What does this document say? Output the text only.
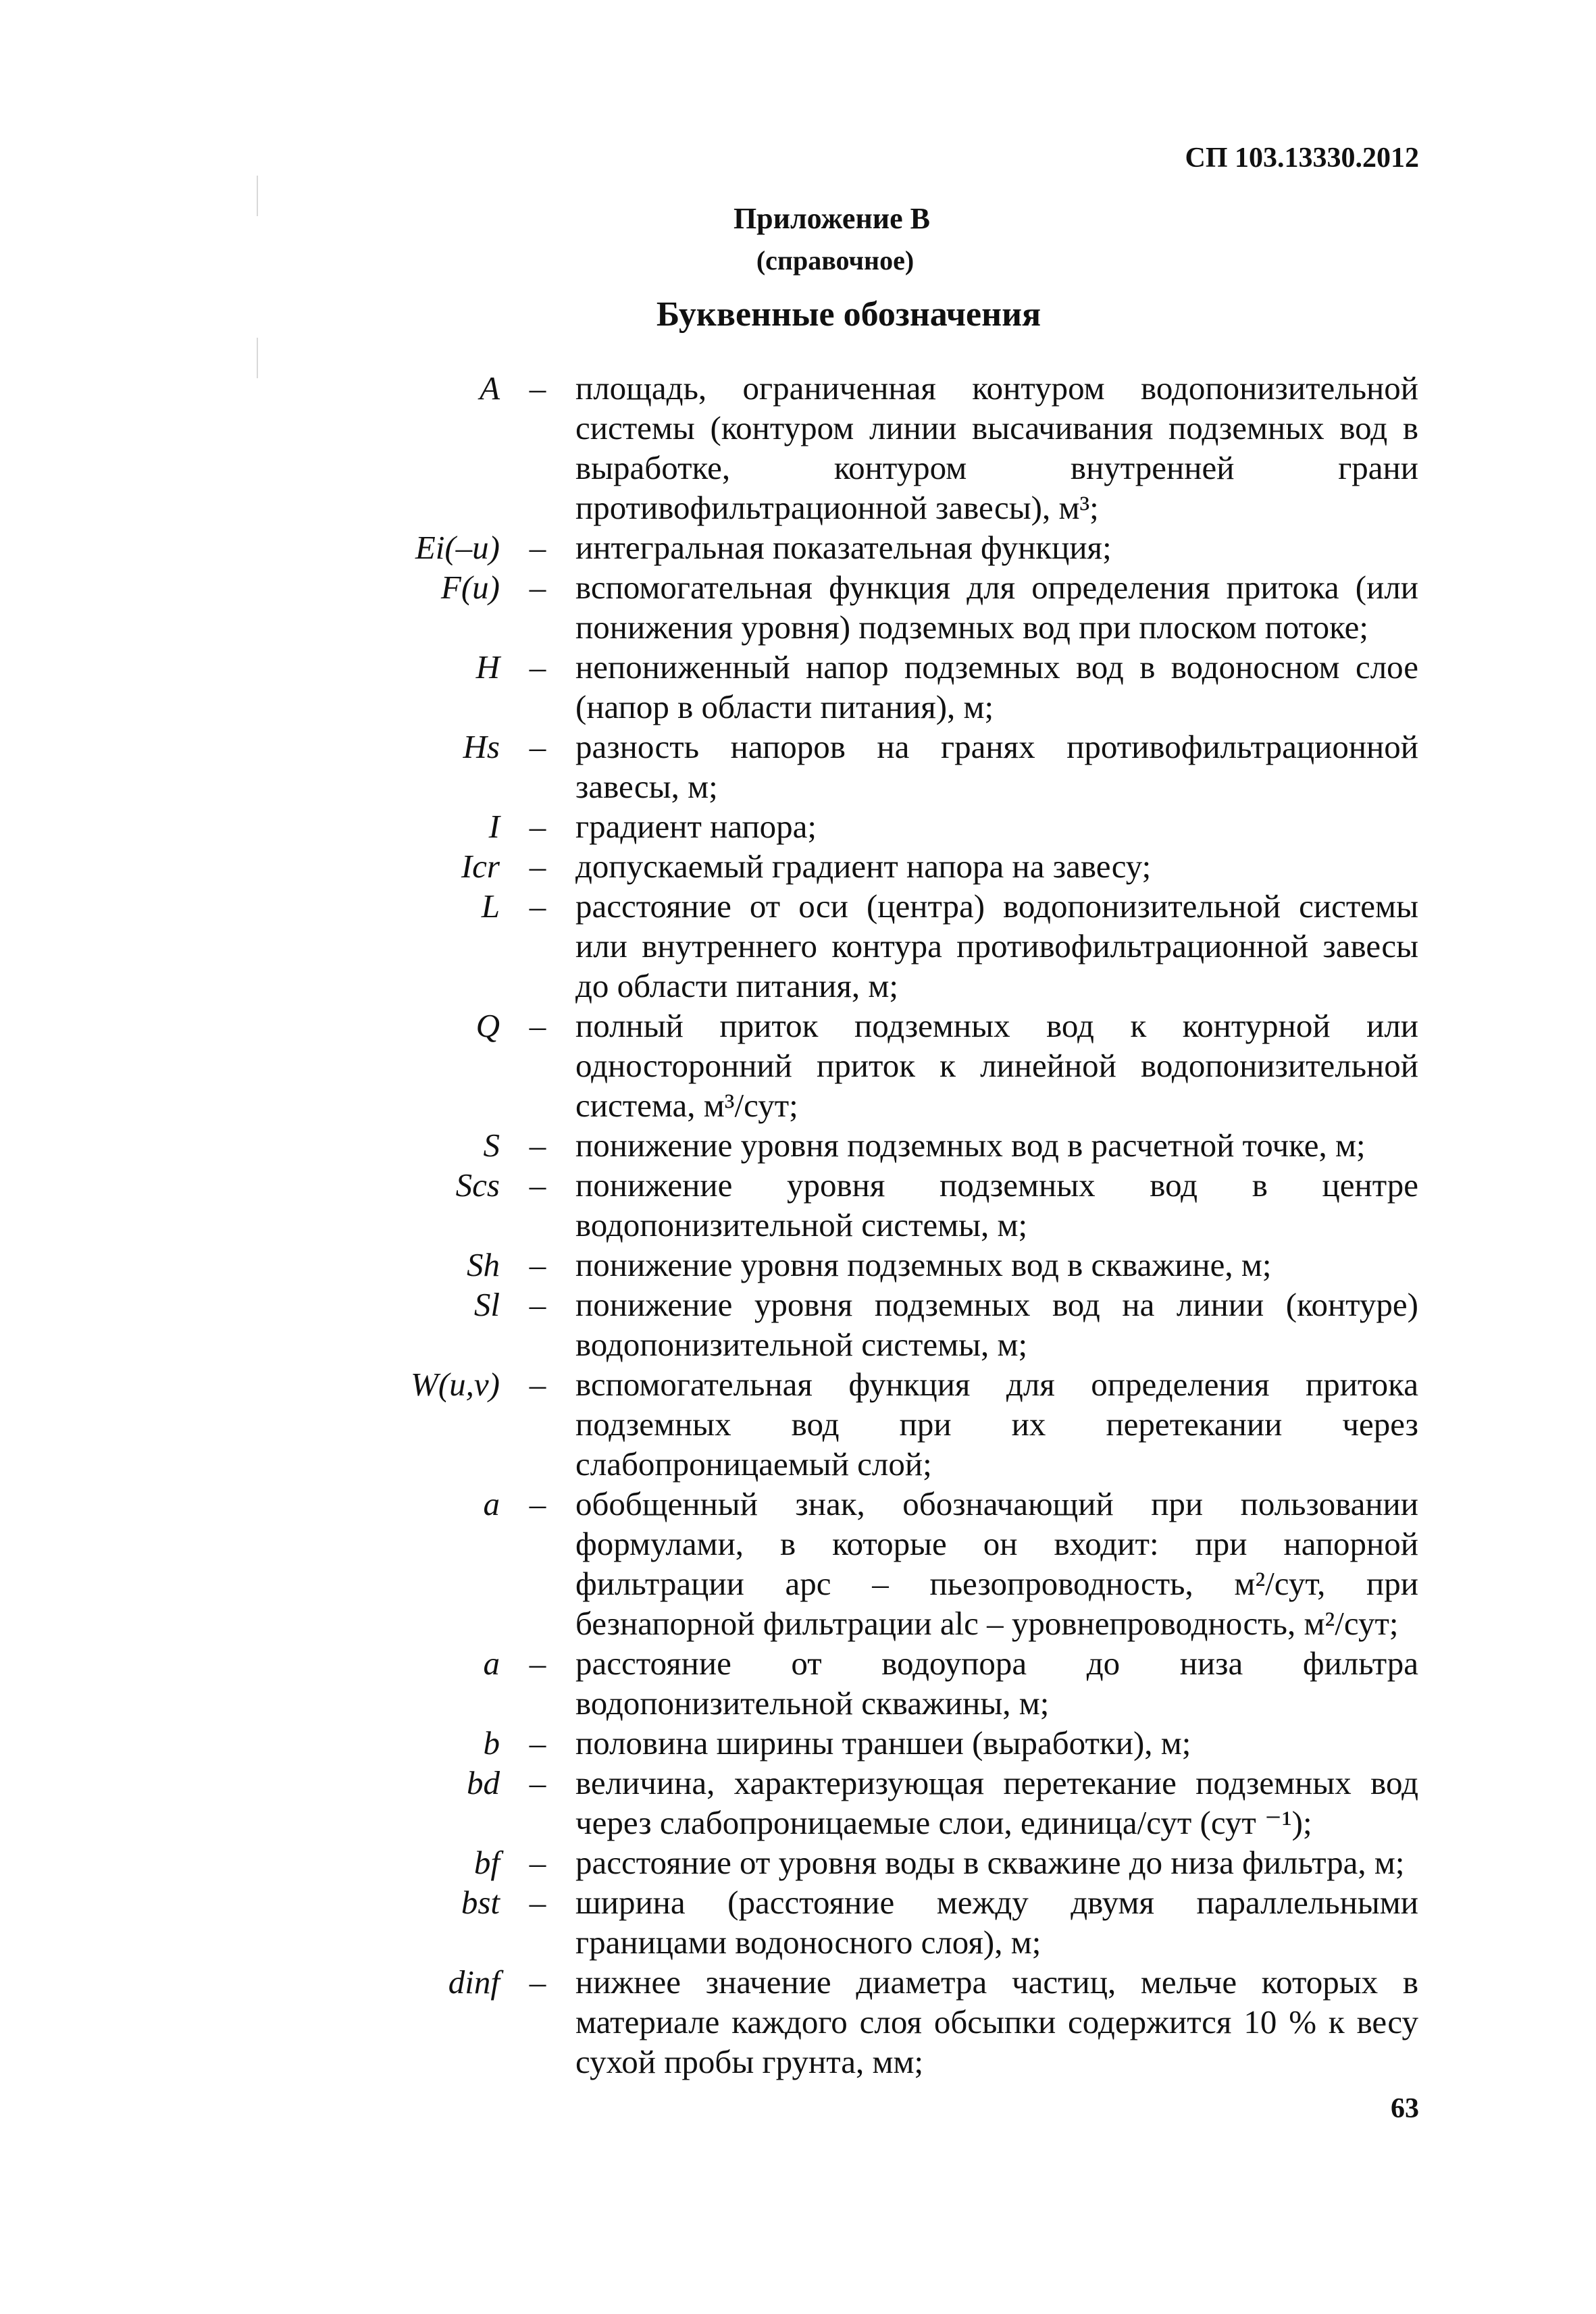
СП 103.13330.2012
Приложение В
(справочное)
Буквенные обозначения
A – площадь, ограниченная контуром водопонизительной системы (контуром линии высачивания подземных вод в выработке, контуром внутренней грани противофильтрационной завесы), м³;
Ei(–u) – интегральная показательная функция;
F(u) – вспомогательная функция для определения притока (или понижения уровня) подземных вод при плоском потоке;
H – непониженный напор подземных вод в водоносном слое (напор в области питания), м;
Hs – разность напоров на гранях противофильтрационной завесы, м;
I – градиент напора;
Icr – допускаемый градиент напора на завесу;
L – расстояние от оси (центра) водопонизительной системы или внутреннего контура противофильтрационной завесы до области питания, м;
Q – полный приток подземных вод к контурной или односторонний приток к линейной водопонизительной система, м³/сут;
S – понижение уровня подземных вод в расчетной точке, м;
Scs – понижение уровня подземных вод в центре водопонизительной системы, м;
Sh – понижение уровня подземных вод в скважине, м;
Sl – понижение уровня подземных вод на линии (контуре) водопонизительной системы, м;
W(u,v) – вспомогательная функция для определения притока подземных вод при их перетекании через слабопроницаемый слой;
a – обобщенный знак, обозначающий при пользовании формулами, в которые он входит: при напорной фильтрации apc – пьезопроводность, м²/сут, при безнапорной фильтрации alc – уровнепроводность, м²/сут;
a – расстояние от водоупора до низа фильтра водопонизительной скважины, м;
b – половина ширины траншеи (выработки), м;
bd – величина, характеризующая перетекание подземных вод через слабопроницаемые слои, единица/сут (сут ⁻¹);
bf – расстояние от уровня воды в скважине до низа фильтра, м;
bst – ширина (расстояние между двумя параллельными границами водоносного слоя), м;
dinf – нижнее значение диаметра частиц, мельче которых в материале каждого слоя обсыпки содержится 10 % к весу сухой пробы грунта, мм;
63
